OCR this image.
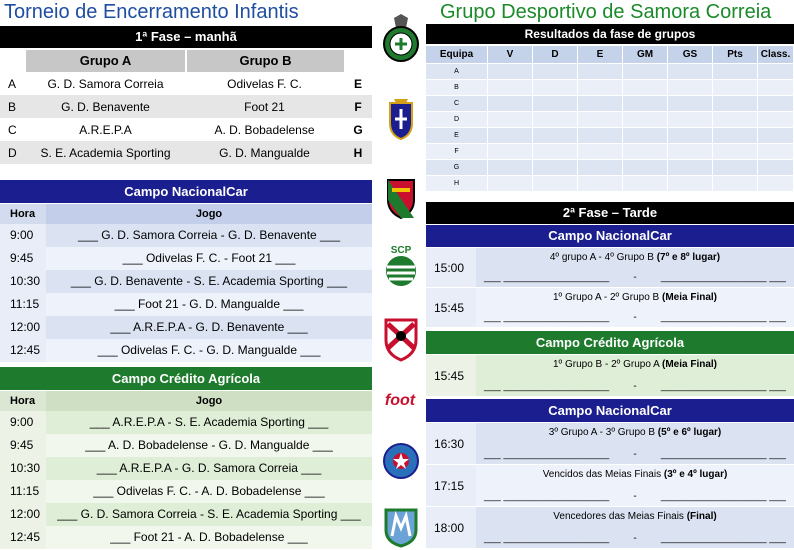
Torneio de Encerramento Infantis	Grupo Desportivo de Samora Correia
1ª Fase – manhã
Grupo A	Grupo B
A	G. D. Samora Correia	Odivelas F. C.	E
B	G. D. Benavente	Foot 21	F
C	A.R.E.P.A	A. D. Bobadelense	G
D	S. E. Academia Sporting	G. D. Mangualde	H
Campo NacionalCar
Hora	Jogo
9:00	___ G. D. Samora Correia - G. D. Benavente ___
9:45	___ Odivelas F. C. - Foot 21 ___
10:30	___ G. D. Benavente - S. E. Academia Sporting ___
11:15	___ Foot 21 - G. D. Mangualde ___
12:00	___ A.R.E.P.A - G. D. Benavente ___
12:45	___ Odivelas F. C. - G. D. Mangualde ___
Campo Crédito Agrícola
Hora	Jogo
9:00	___ A.R.E.P.A - S. E. Academia Sporting ___
9:45	___ A. D. Bobadelense - G. D. Mangualde ___
10:30	___ A.R.E.P.A - G. D. Samora Correia ___
11:15	___ Odivelas F. C. - A. D. Bobadelense ___
12:00	___ G. D. Samora Correia - S. E. Academia Sporting ___
12:45	___ Foot 21 - A. D. Bobadelense ___
SCP
foot
Resultados da fase de grupos
Equipa	V	D	E	GM	GS	Pts	Class.
A
B
C
D
E
F
G
H
2ª Fase – Tarde
Campo NacionalCar
15:00
4º grupo A - 4º Grupo B (7º e 8º lugar)
___ ___________________ - ___________________ ___
15:45
1º Grupo A - 2º Grupo B (Meia Final)
___ ___________________ - ___________________ ___
Campo Crédito Agrícola
15:45
1º Grupo B - 2º Grupo A (Meia Final)
___ ___________________ - ___________________ ___
Campo NacionalCar
16:30
3º Grupo A - 3º Grupo B (5º e 6º lugar)
___ ___________________ - ___________________ ___
17:15
Vencidos das Meias Finais (3º e 4º lugar)
___ ___________________ - ___________________ ___
18:00
Vencedores das Meias Finais (Final)
___ ___________________ - ___________________ ___
